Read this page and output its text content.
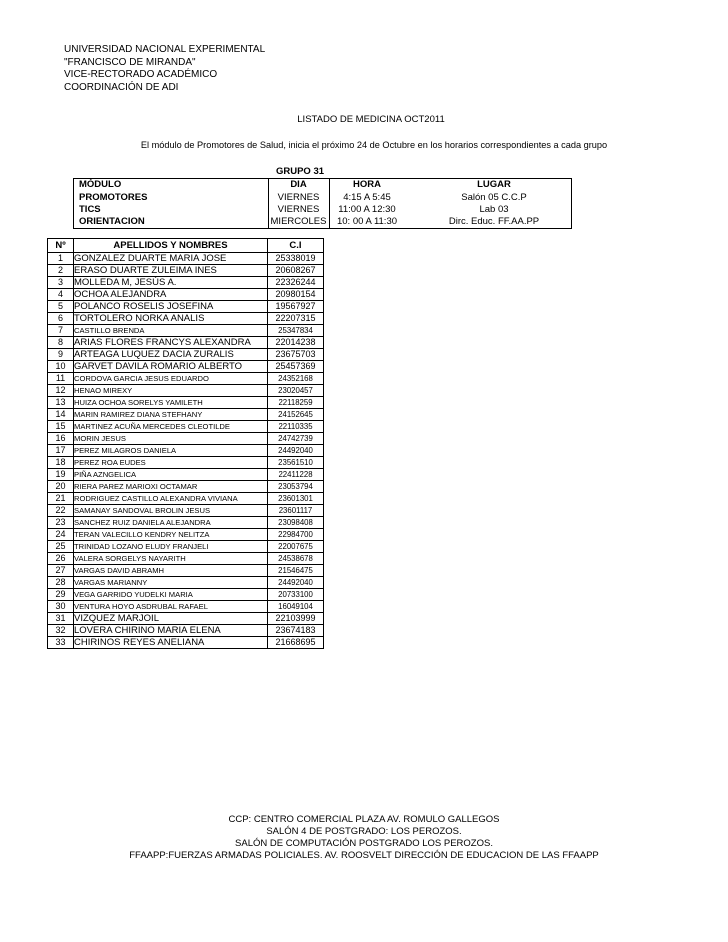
UNIVERSIDAD NACIONAL EXPERIMENTAL
"FRANCISCO DE MIRANDA"
VICE-RECTORADO ACADÉMICO
COORDINACIÓN DE ADI
LISTADO DE MEDICINA OCT2011
El módulo de Promotores de Salud, inicia el próximo 24 de Octubre en los horarios correspondientes a cada grupo
GRUPO 31
MÓDULO	DIA	HORA	LUGAR
PROMOTORES	VIERNES	4:15 A 5:45	Salón 05 C.C.P
TICS	VIERNES	11:00 A 12:30	Lab 03
ORIENTACION	MIERCOLES	10: 00 A 11:30	Dirc. Educ. FF.AA.PP
Nº	APELLIDOS Y NOMBRES	C.I
1	GONZALEZ DUARTE MARIA JOSE	25338019
2	ERASO DUARTE ZULEIMA INES	20608267
3	MOLLEDA M, JESÚS A.	22326244
4	OCHOA ALEJANDRA	20980154
5	POLANCO ROSELIS JOSEFINA	19567927
6	TORTOLERO NORKA ANALIS	22207315
7	CASTILLO BRENDA	25347834
8	ARIAS FLORES FRANCYS ALEXANDRA	22014238
9	ARTEAGA LUQUEZ DACIA ZURALIS	23675703
10	GARVET DAVILA ROMARIO ALBERTO	25457369
11	CORDOVA GARCIA JESUS EDUARDO	24352168
12	HENAO MIREXY	23020457
13	HUIZA OCHOA SORELYS YAMILETH	22118259
14	MARIN RAMIREZ DIANA STEFHANY	24152645
15	MARTINEZ ACUÑA MERCEDES CLEOTILDE	22110335
16	MORIN JESUS	24742739
17	PEREZ MILAGROS DANIELA	24492040
18	PEREZ ROA EUDES	23561510
19	PIÑA AZNGELICA	22411228
20	RIERA PAREZ MARIOXI OCTAMAR	23053794
21	RODRIGUEZ CASTILLO ALEXANDRA VIVIANA	23601301
22	SAMANAY SANDOVAL BROLIN JESUS	23601117
23	SANCHEZ RUIZ DANIELA ALEJANDRA	23098408
24	TERAN VALECILLO KENDRY NELITZA	22984700
25	TRINIDAD LOZANO ELUDY FRANJELI	22007675
26	VALERA SORGELYS NAYARITH	24538678
27	VARGAS DAVID ABRAMH	21546475
28	VARGAS MARIANNY	24492040
29	VEGA GARRIDO YUDELKI MARIA	20733100
30	VENTURA HOYO ASDRUBAL RAFAEL	16049104
31	VIZQUEZ MARJOIL	22103999
32	LOVERA CHIRINO MARIA ELENA	23674183
33	CHIRINOS REYES ANELIANA	21668695
CCP: CENTRO COMERCIAL PLAZA AV. ROMULO GALLEGOS
SALÓN 4 DE POSTGRADO: LOS PEROZOS.
SALÓN DE COMPUTACIÓN POSTGRADO LOS PEROZOS.
FFAAPP:FUERZAS ARMADAS POLICIALES. AV. ROOSVELT DIRECCIÓN DE EDUCACION DE LAS FFAAPP
